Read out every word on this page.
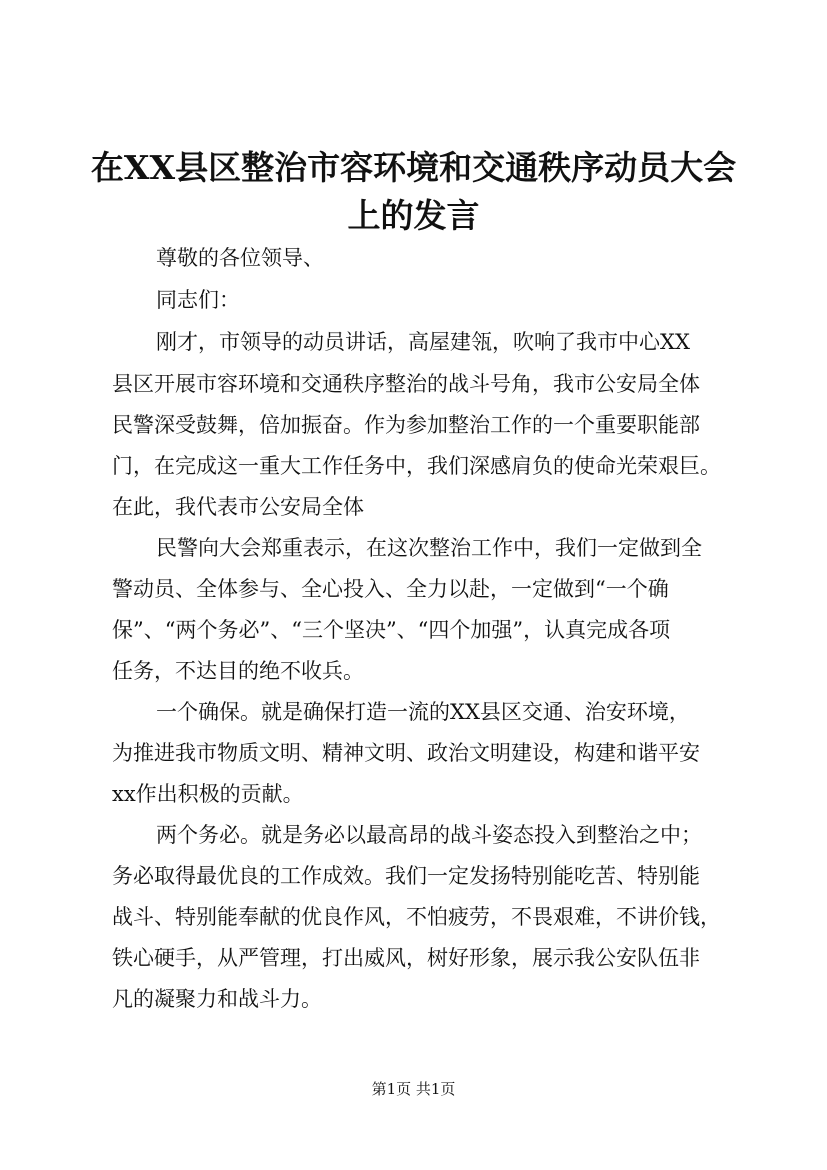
在XX县区整治市容环境和交通秩序动员大会
上的发言
尊敬的各位领导、
同志们：
刚才，市领导的动员讲话，高屋建瓴，吹响了我市中心XX
县区开展市容环境和交通秩序整治的战斗号角，我市公安局全体
民警深受鼓舞，倍加振奋。作为参加整治工作的一个重要职能部
门，在完成这一重大工作任务中，我们深感肩负的使命光荣艰巨。
在此，我代表市公安局全体
民警向大会郑重表示，在这次整治工作中，我们一定做到全
警动员、全体参与、全心投入、全力以赴，一定做到“一个确
保”、“两个务必”、“三个坚决”、“四个加强”，认真完成各项
任务，不达目的绝不收兵。
一个确保。就是确保打造一流的XX县区交通、治安环境，
为推进我市物质文明、精神文明、政治文明建设，构建和谐平安
xx作出积极的贡献。
两个务必。就是务必以最高昂的战斗姿态投入到整治之中；
务必取得最优良的工作成效。我们一定发扬特别能吃苦、特别能
战斗、特别能奉献的优良作风，不怕疲劳，不畏艰难，不讲价钱，
铁心硬手，从严管理，打出威风，树好形象，展示我公安队伍非
凡的凝聚力和战斗力。
第1页 共1页
